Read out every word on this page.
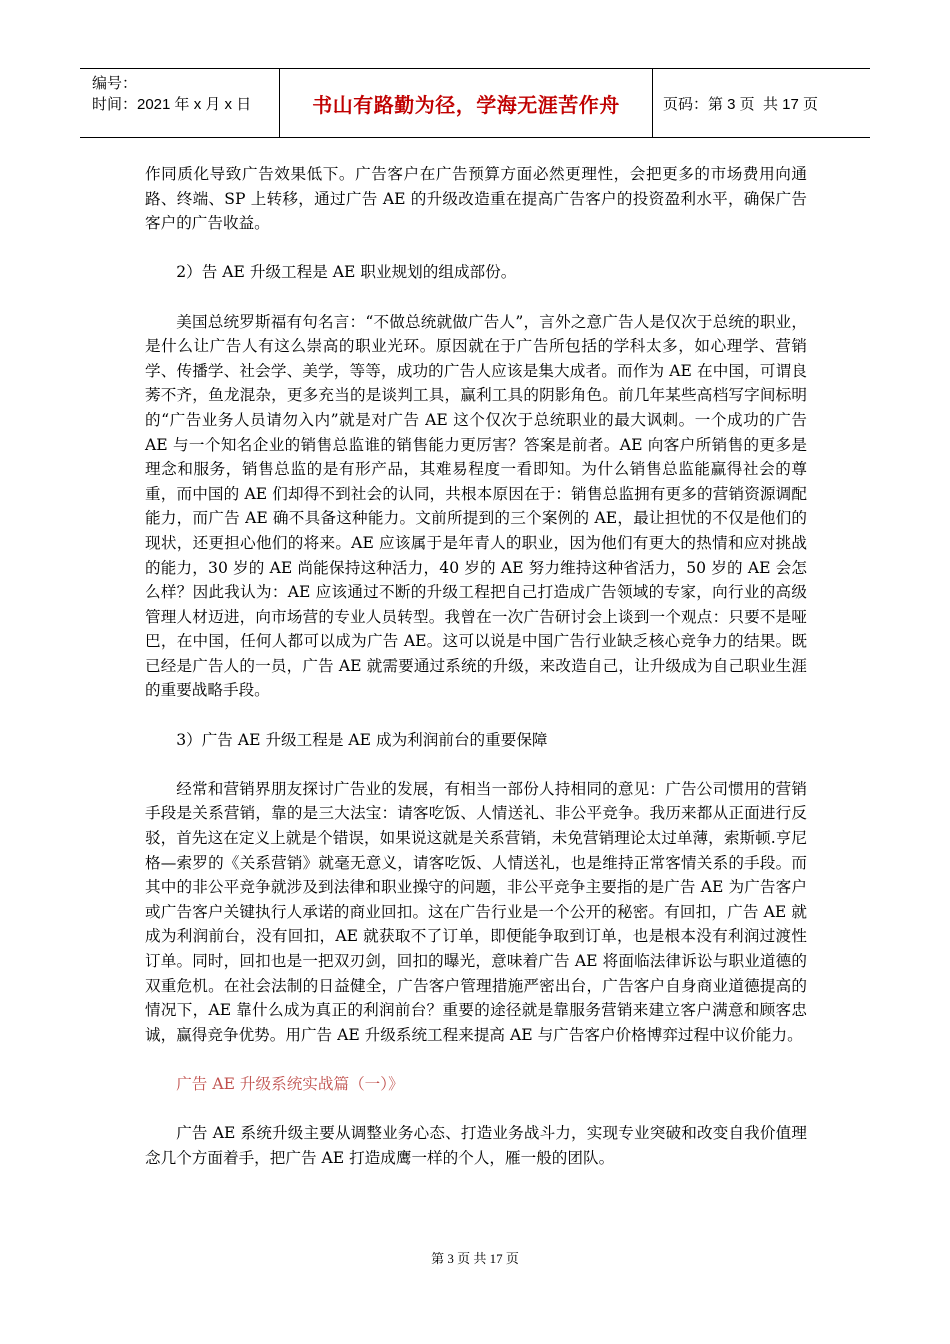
编号：
时间：2021 年 x 月 x 日	书山有路勤为径，学海无涯苦作舟	页码：第 3 页  共 17 页

作同质化导致广告效果低下。广告客户在广告预算方面必然更理性，会把更多的市场费用向通路、终端、SP 上转移，通过广告 AE 的升级改造重在提高广告客户的投资盈利水平，确保广告客户的广告收益。

2）告 AE 升级工程是 AE 职业规划的组成部份。

美国总统罗斯福有句名言：“不做总统就做广告人”，言外之意广告人是仅次于总统的职业，是什么让广告人有这么崇高的职业光环。原因就在于广告所包括的学科太多，如心理学、营销学、传播学、社会学、美学，等等，成功的广告人应该是集大成者。而作为 AE 在中国，可谓良莠不齐，鱼龙混杂，更多充当的是谈判工具，赢利工具的阴影角色。前几年某些高档写字间标明的“广告业务人员请勿入内”就是对广告 AE 这个仅次于总统职业的最大讽刺。一个成功的广告 AE 与一个知名企业的销售总监谁的销售能力更厉害？答案是前者。AE 向客户所销售的更多是理念和服务，销售总监的是有形产品，其难易程度一看即知。为什么销售总监能赢得社会的尊重，而中国的 AE 们却得不到社会的认同，共根本原因在于：销售总监拥有更多的营销资源调配能力，而广告 AE 确不具备这种能力。文前所提到的三个案例的 AE，最让担忧的不仅是他们的现状，还更担心他们的将来。AE 应该属于是年青人的职业，因为他们有更大的热情和应对挑战的能力，30 岁的 AE 尚能保持这种活力，40 岁的 AE 努力维持这种省活力，50 岁的 AE 会怎么样？因此我认为：AE 应该通过不断的升级工程把自己打造成广告领域的专家，向行业的高级管理人材迈进，向市场营的专业人员转型。我曾在一次广告研讨会上谈到一个观点：只要不是哑巴，在中国，任何人都可以成为广告 AE。这可以说是中国广告行业缺乏核心竞争力的结果。既已经是广告人的一员，广告 AE 就需要通过系统的升级，来改造自己，让升级成为自己职业生涯的重要战略手段。

3）广告 AE 升级工程是 AE 成为利润前台的重要保障

经常和营销界朋友探讨广告业的发展，有相当一部份人持相同的意见：广告公司惯用的营销手段是关系营销，靠的是三大法宝：请客吃饭、人情送礼、非公平竞争。我历来都从正面进行反驳，首先这在定义上就是个错误，如果说这就是关系营销，未免营销理论太过单薄，索斯顿.亨尼格—索罗的《关系营销》就毫无意义，请客吃饭、人情送礼，也是维持正常客情关系的手段。而其中的非公平竞争就涉及到法律和职业操守的问题，非公平竞争主要指的是广告 AE 为广告客户或广告客户关键执行人承诺的商业回扣。这在广告行业是一个公开的秘密。有回扣，广告 AE 就成为利润前台，没有回扣，AE 就获取不了订单，即便能争取到订单，也是根本没有利润过渡性订单。同时，回扣也是一把双刃剑，回扣的曝光，意味着广告 AE 将面临法律诉讼与职业道德的双重危机。在社会法制的日益健全，广告客户管理措施严密出台，广告客户自身商业道德提高的情况下，AE 靠什么成为真正的利润前台？重要的途径就是靠服务营销来建立客户满意和顾客忠诚，赢得竞争优势。用广告 AE 升级系统工程来提高 AE 与广告客户价格博弈过程中议价能力。

广告 AE 升级系统实战篇（一）》

广告 AE 系统升级主要从调整业务心态、打造业务战斗力，实现专业突破和改变自我价值理念几个方面着手，把广告 AE 打造成鹰一样的个人，雁一般的团队。

第 3 页 共 17 页
